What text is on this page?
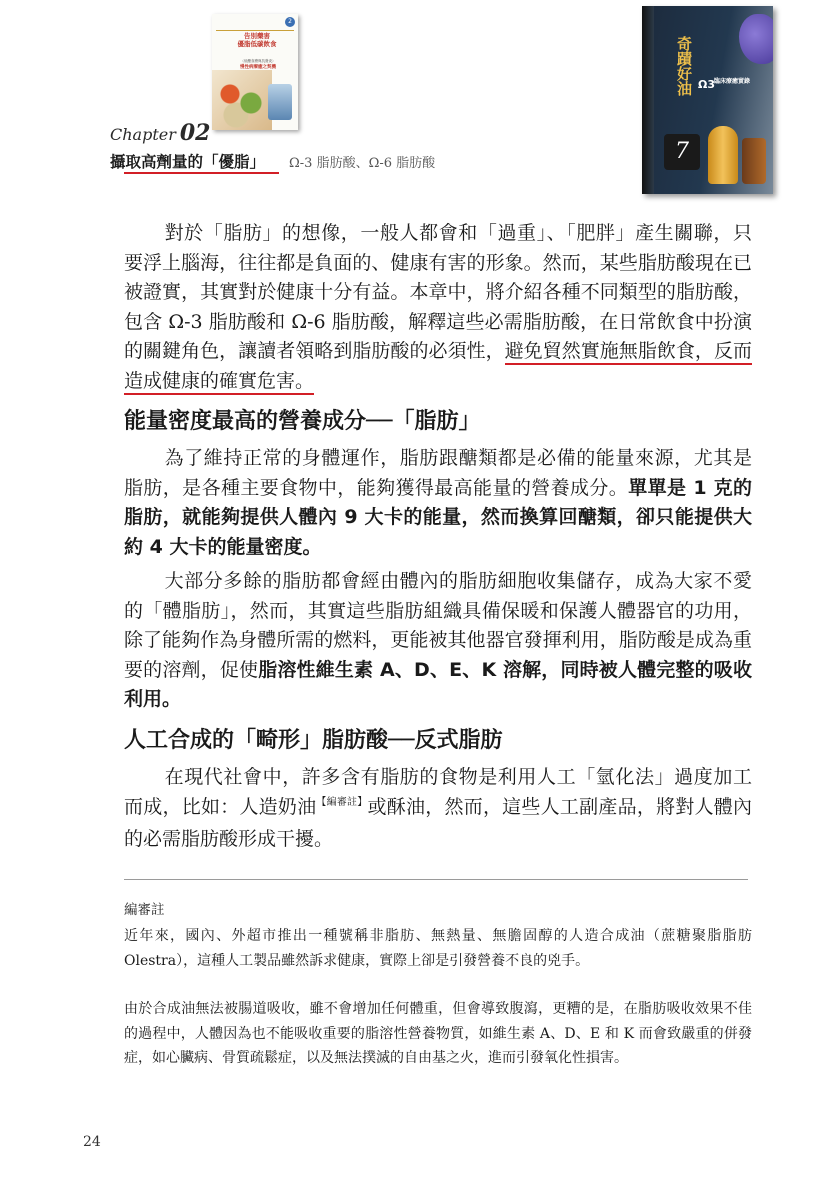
2
告別藥害
優脂低碳飲食
（低醣食療與抗發炎）
慢性病療癒之契機	奇蹟好油 Ω3
臨床療癒實錄
7
Chapter 02
攝取高劑量的「優脂」 Ω-3 脂肪酸、Ω-6 脂肪酸

對於「脂肪」的想像，一般人都會和「過重」、「肥胖」產生關聯，只要浮上腦海，往往都是負面的、健康有害的形象。然而，某些脂肪酸現在已被證實，其實對於健康十分有益。本章中，將介紹各種不同類型的脂肪酸，包含 Ω-3 脂肪酸和 Ω-6 脂肪酸，解釋這些必需脂肪酸，在日常飲食中扮演的關鍵角色，讓讀者領略到脂肪酸的必須性，避免貿然實施無脂飲食，反而造成健康的確實危害。

能量密度最高的營養成分──「脂肪」

為了維持正常的身體運作，脂肪跟醣類都是必備的能量來源，尤其是脂肪，是各種主要食物中，能夠獲得最高能量的營養成分。單單是 1 克的脂肪，就能夠提供人體內 9 大卡的能量，然而換算回醣類，卻只能提供大約 4 大卡的能量密度。

大部分多餘的脂肪都會經由體內的脂肪細胞收集儲存，成為大家不愛的「體脂肪」，然而，其實這些脂肪組織具備保暖和保護人體器官的功用，除了能夠作為身體所需的燃料，更能被其他器官發揮利用，脂防酸是成為重要的溶劑，促使脂溶性維生素 A、D、E、K 溶解，同時被人體完整的吸收利用。

人工合成的「畸形」脂肪酸──反式脂肪

在現代社會中，許多含有脂肪的食物是利用人工「氫化法」過度加工而成，比如：人造奶油$^{【編審註】}$或酥油，然而，這些人工副產品，將對人體內的必需脂肪酸形成干擾。

編審註
近年來，國內、外超市推出一種號稱非脂肪、無熱量、無膽固醇的人造合成油（蔗糖聚脂脂肪 Olestra），這種人工製品雖然訴求健康，實際上卻是引發營養不良的兇手。
由於合成油無法被腸道吸收，雖不會增加任何體重，但會導致腹瀉，更糟的是，在脂肪吸收效果不佳的過程中，人體因為也不能吸收重要的脂溶性營養物質，如維生素 A、D、E 和 K 而會致嚴重的併發症，如心臟病、骨質疏鬆症，以及無法撲滅的自由基之火，進而引發氧化性損害。
24
